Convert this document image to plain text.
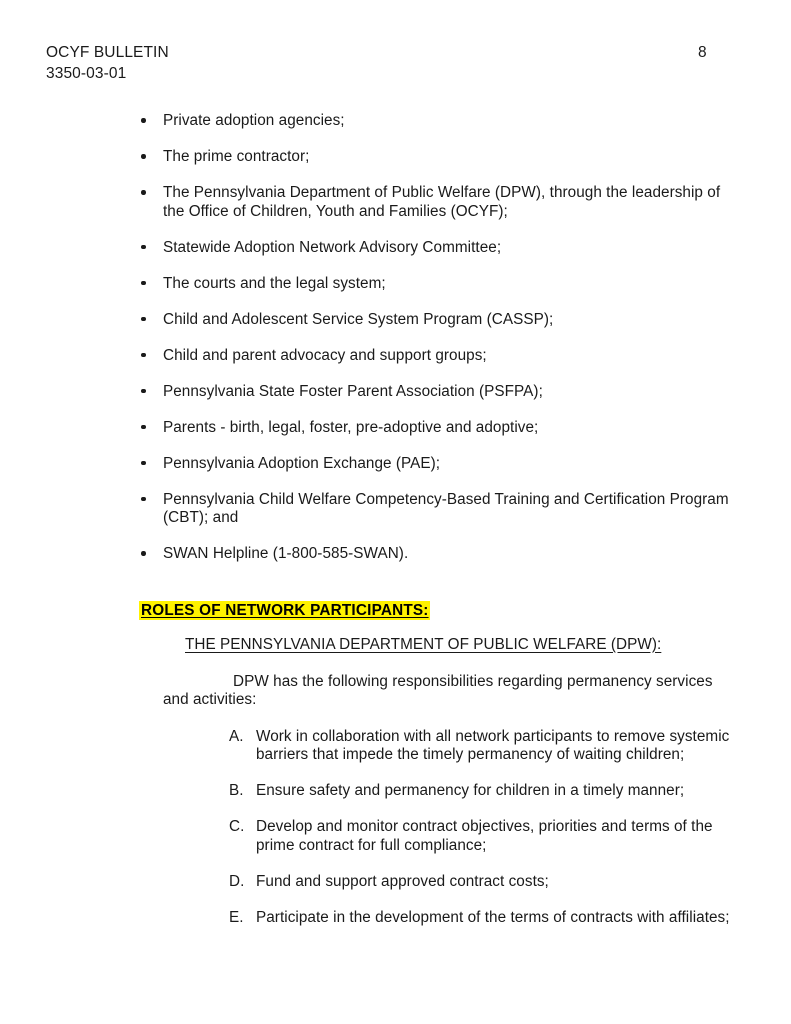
OCYF BULLETIN
3350-03-01
8
Private adoption agencies;
The prime contractor;
The Pennsylvania Department of Public Welfare (DPW), through the leadership of the Office of Children, Youth and Families (OCYF);
Statewide Adoption Network Advisory Committee;
The courts and the legal system;
Child and Adolescent Service System Program (CASSP);
Child and parent advocacy and support groups;
Pennsylvania State Foster Parent Association (PSFPA);
Parents - birth, legal, foster, pre-adoptive and adoptive;
Pennsylvania Adoption Exchange (PAE);
Pennsylvania Child Welfare Competency-Based Training and Certification Program (CBT); and
SWAN Helpline (1-800-585-SWAN).
ROLES OF NETWORK PARTICIPANTS:
THE PENNSYLVANIA DEPARTMENT OF PUBLIC WELFARE (DPW):

DPW has the following responsibilities regarding permanency services and activities:

A. Work in collaboration with all network participants to remove systemic barriers that impede the timely permanency of waiting children;
B. Ensure safety and permanency for children in a timely manner;
C. Develop and monitor contract objectives, priorities and terms of the prime contract for full compliance;
D. Fund and support approved contract costs;
E. Participate in the development of the terms of contracts with affiliates;
